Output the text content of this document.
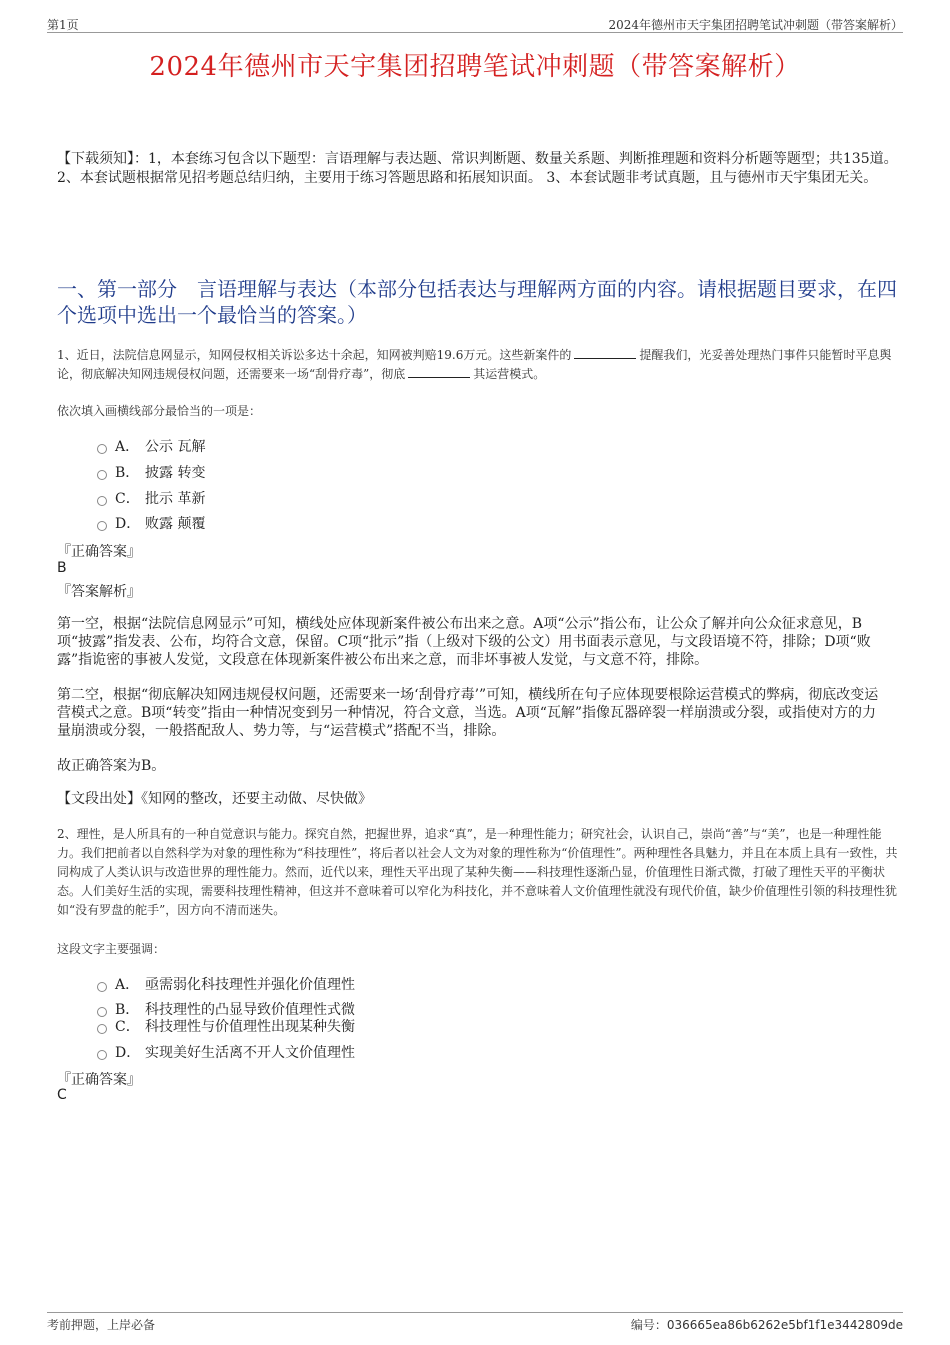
第1页	2024年德州市天宇集团招聘笔试冲刺题（带答案解析）
2024年德州市天宇集团招聘笔试冲刺题（带答案解析）
【下载须知】：1，本套练习包含以下题型：言语理解与表达题、常识判断题、数量关系题、判断推理题和资料分析题等题型；共135道。 2、本套试题根据常见招考题总结归纳，主要用于练习答题思路和拓展知识面。 3、本套试题非考试真题，且与德州市天宇集团无关。
一、第一部分　言语理解与表达（本部分包括表达与理解两方面的内容。请根据题目要求，在四个选项中选出一个最恰当的答案。）
1、近日，法院信息网显示，知网侵权相关诉讼多达十余起，知网被判赔19.6万元。这些新案件的	提醒我们，光妥善处理热门事件只能暂时平息舆论，彻底解决知网违规侵权问题，还需要来一场“刮骨疗毒”，彻底	其运营模式。
依次填入画横线部分最恰当的一项是：
A． 公示 瓦解
B． 披露 转变
C． 批示 革新
D． 败露 颠覆
『正确答案』
B
『答案解析』
第一空，根据“法院信息网显示”可知，横线处应体现新案件被公布出来之意。A项“公示”指公布，让公众了解并向公众征求意见，B项“披露”指发表、公布，均符合文意，保留。C项“批示”指（上级对下级的公文）用书面表示意见，与文段语境不符，排除；D项“败露”指诡密的事被人发觉，文段意在体现新案件被公布出来之意，而非坏事被人发觉，与文意不符，排除。
第二空，根据“彻底解决知网违规侵权问题，还需要来一场‘刮骨疗毒’”可知，横线所在句子应体现要根除运营模式的弊病，彻底改变运营模式之意。B项“转变”指由一种情况变到另一种情况，符合文意，当选。A项“瓦解”指像瓦器碎裂一样崩溃或分裂，或指使对方的力量崩溃或分裂，一般搭配敌人、势力等，与“运营模式”搭配不当，排除。
故正确答案为B。
【文段出处】《知网的整改，还要主动做、尽快做》
2、理性，是人所具有的一种自觉意识与能力。探究自然，把握世界，追求“真”，是一种理性能力；研究社会，认识自己，崇尚“善”与“美”，也是一种理性能力。我们把前者以自然科学为对象的理性称为“科技理性”，将后者以社会人文为对象的理性称为“价值理性”。两种理性各具魅力，并且在本质上具有一致性，共同构成了人类认识与改造世界的理性能力。然而，近代以来，理性天平出现了某种失衡——科技理性逐渐凸显，价值理性日渐式微，打破了理性天平的平衡状态。人们美好生活的实现，需要科技理性精神，但这并不意味着可以窄化为科技化，并不意味着人文价值理性就没有现代价值，缺少价值理性引领的科技理性犹如“没有罗盘的舵手”，因方向不清而迷失。
这段文字主要强调：
A． 亟需弱化科技理性并强化价值理性
B． 科技理性的凸显导致价值理性式微
C． 科技理性与价值理性出现某种失衡
D． 实现美好生活离不开人文价值理性
『正确答案』
C
考前押题，上岸必备	编号：036665ea86b6262e5bf1f1e3442809de
